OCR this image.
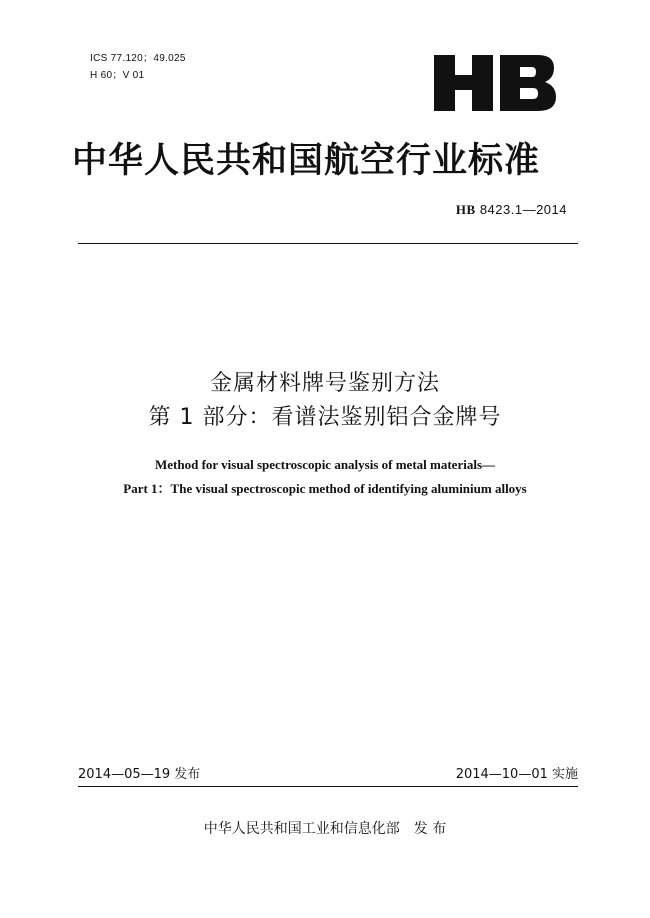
ICS 77.120；49.025
H 60；V 01
中华人民共和国航空行业标准
HB 8423.1—2014
金属材料牌号鉴别方法
第 1 部分：看谱法鉴别铝合金牌号
Method for visual spectroscopic analysis of metal materials—
Part 1：The visual spectroscopic method of identifying aluminium alloys
2014—05—19 发布	2014—10—01 实施
中华人民共和国工业和信息化部 发 布
